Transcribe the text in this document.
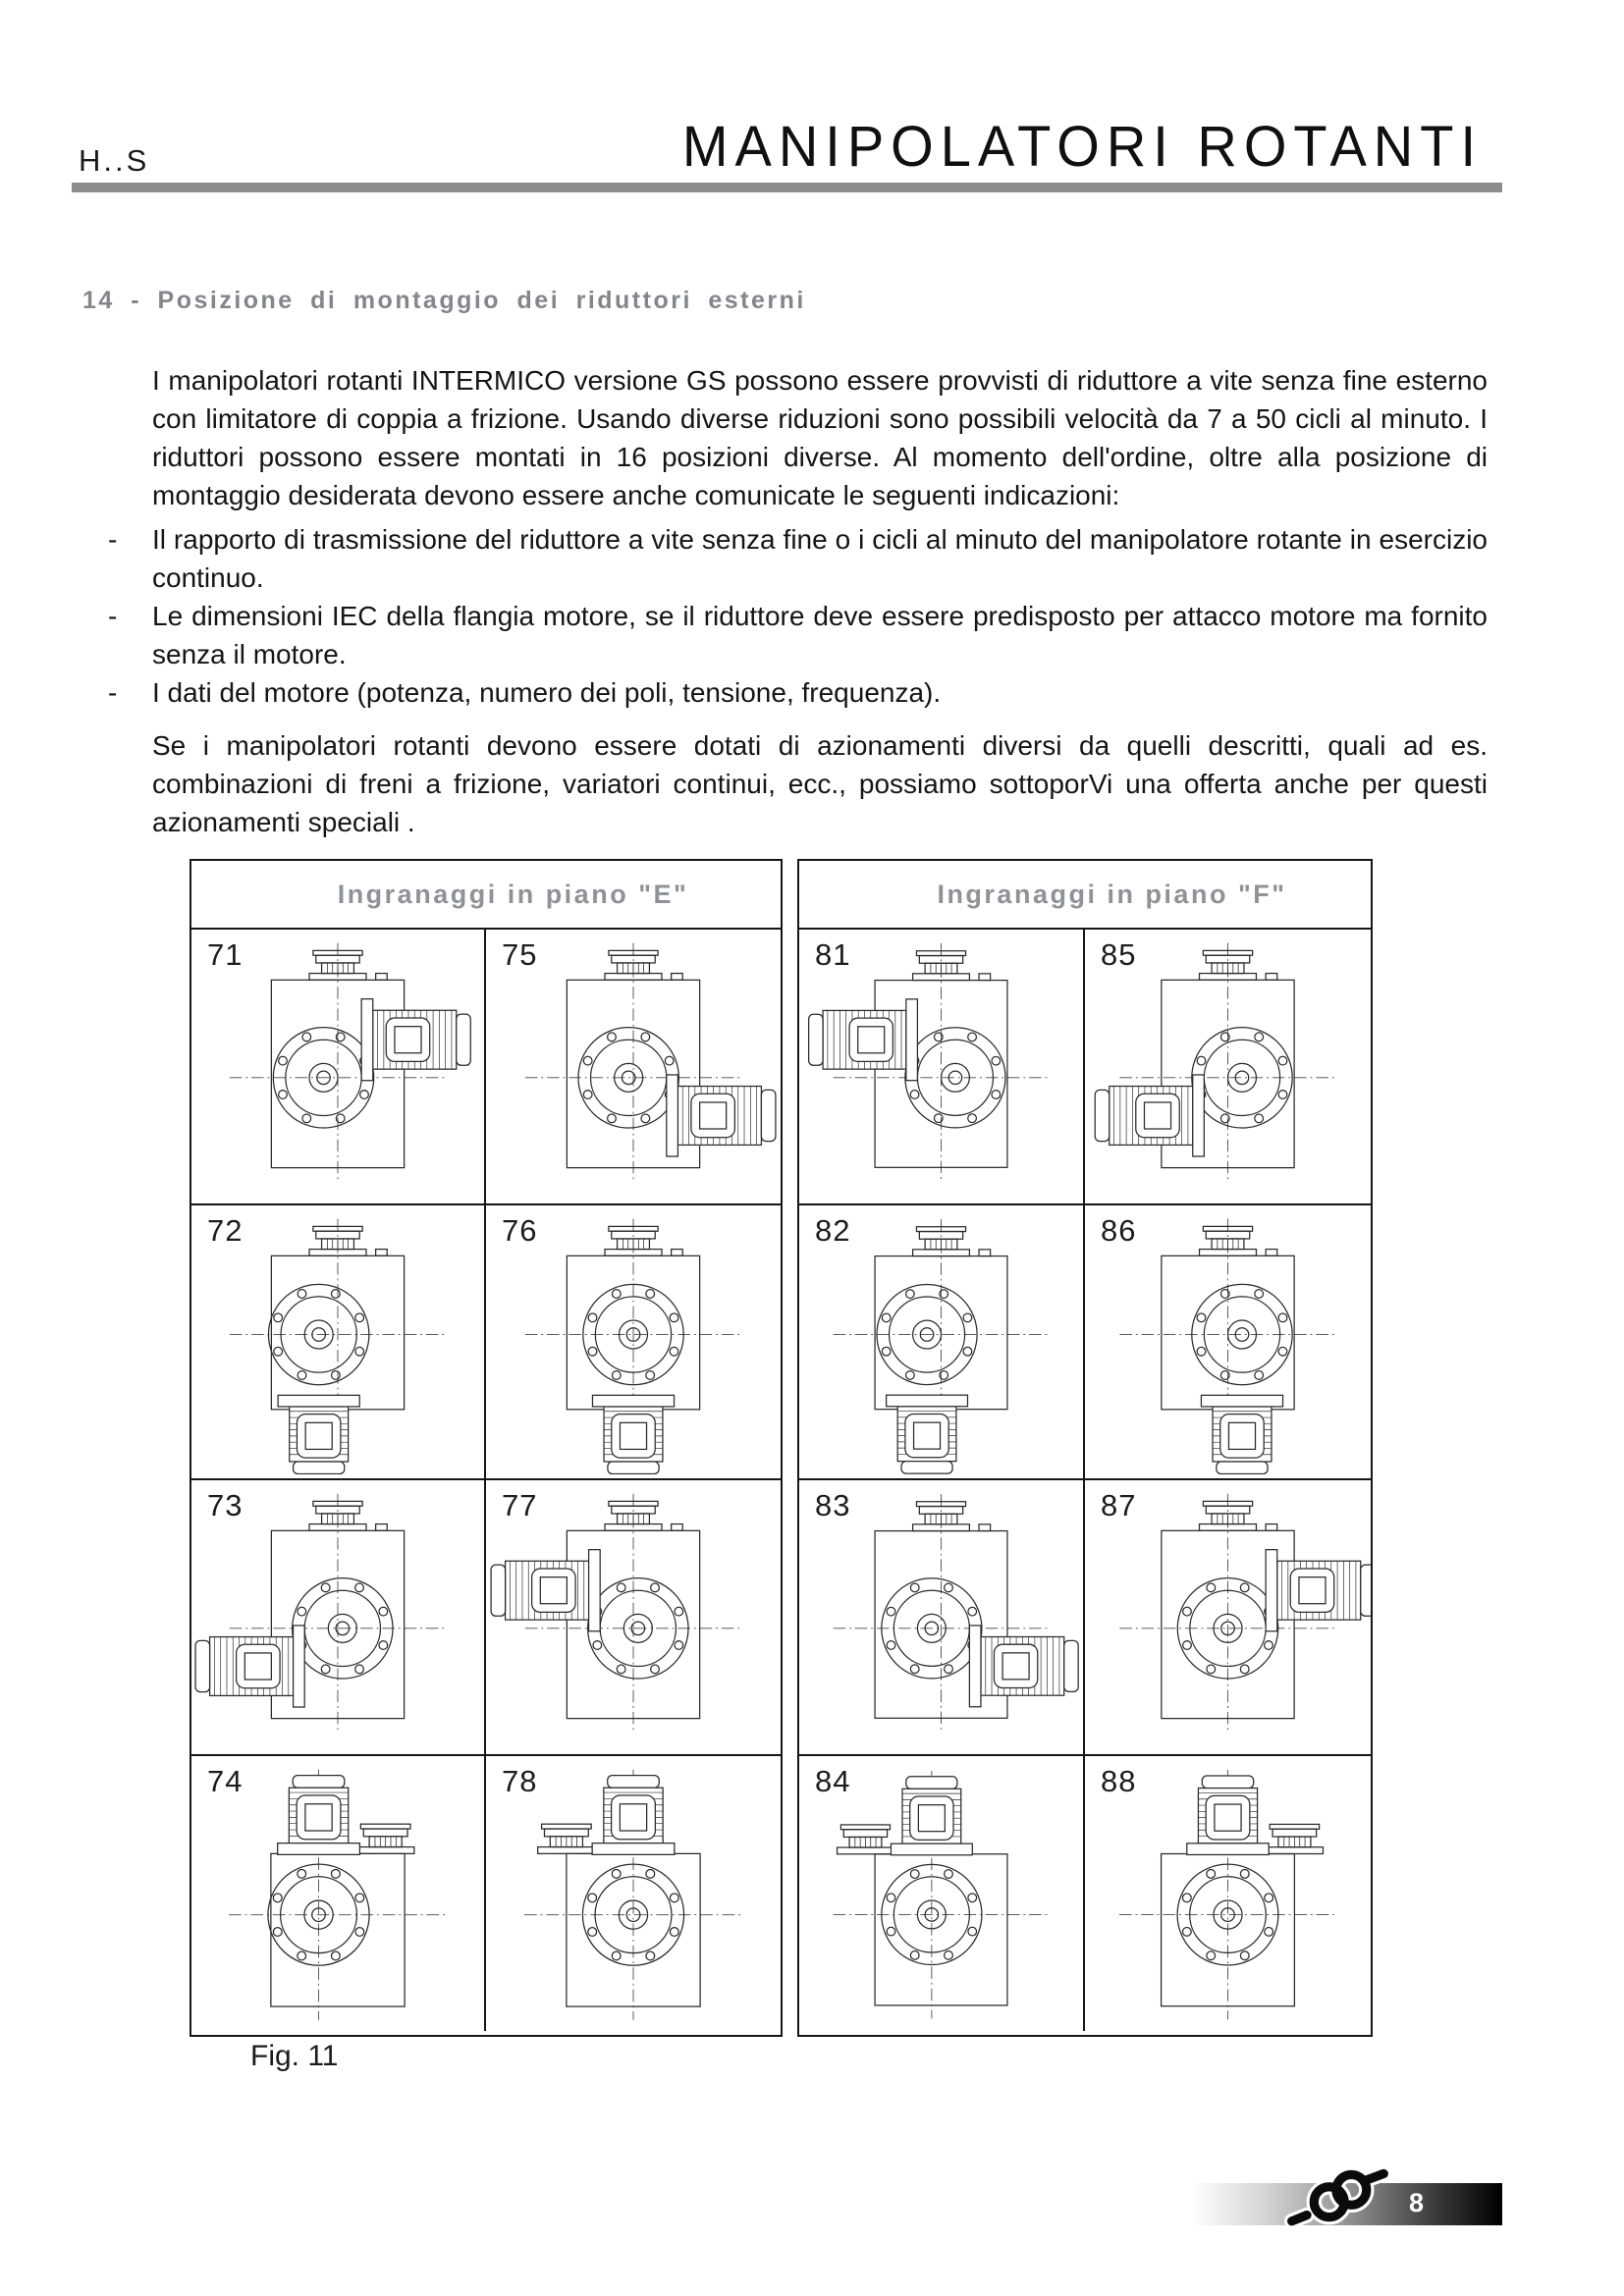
H..S	MANIPOLATORI ROTANTI
14 - Posizione di montaggio dei riduttori esterni

I manipolatori rotanti INTERMICO versione GS possono essere provvisti di riduttore a vite senza fine esterno con limitatore di coppia a frizione. Usando diverse riduzioni sono possibili velocità da 7 a 50 cicli al minuto. I riduttori possono essere montati in 16 posizioni diverse. Al momento dell'ordine, oltre alla posizione di montaggio desiderata devono essere anche comunicate le seguenti indicazioni:

-	Il rapporto di trasmissione del riduttore a vite senza fine o i cicli al minuto del manipolatore rotante in esercizio continuo.
-	Le dimensioni IEC della flangia motore, se il riduttore deve essere predisposto per attacco motore ma fornito senza il motore.
-	I dati del motore (potenza, numero dei poli, tensione, frequenza).

Se i manipolatori rotanti devono essere dotati di azionamenti diversi da quelli descritti, quali ad es. combinazioni di freni a frizione, variatori continui, ecc., possiamo sottoporVi una offerta anche per questi azionamenti speciali .

Ingranaggi in piano "E"
71	75
72	76
73	77
74	78
Ingranaggi in piano "F"
81	85
82	86
83	87
84	88
Fig. 11
8
